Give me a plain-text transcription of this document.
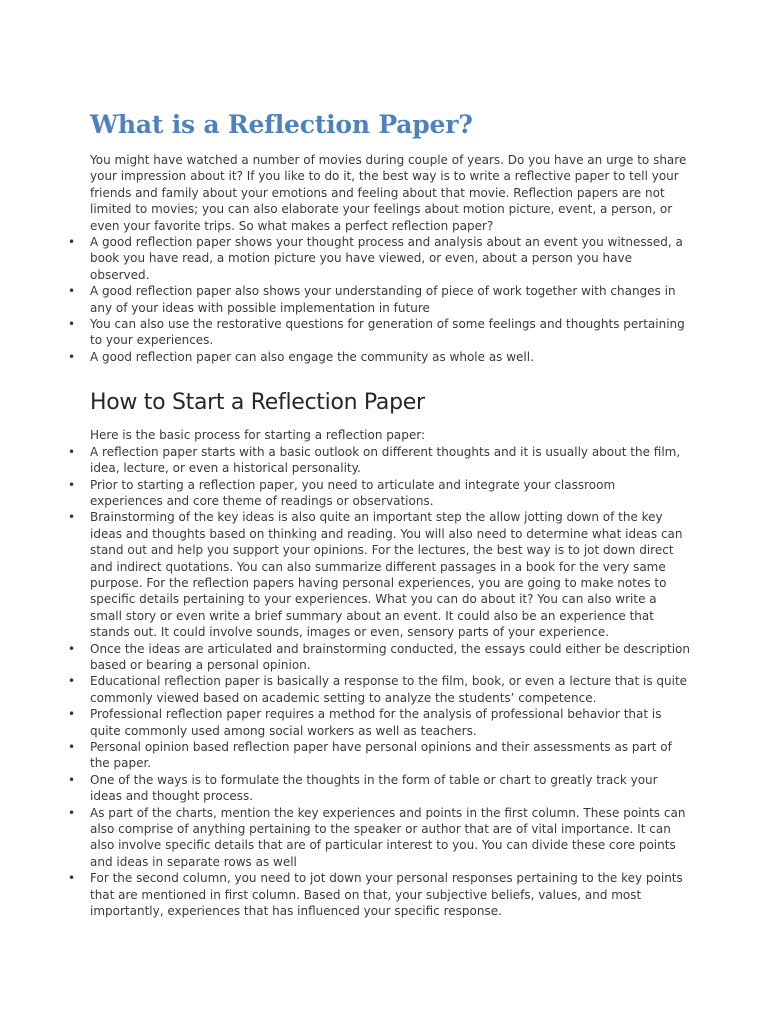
What is a Reflection Paper?

You might have watched a number of movies during couple of years. Do you have an urge to share your impression about it? If you like to do it, the best way is to write a reflective paper to tell your friends and family about your emotions and feeling about that movie. Reflection papers are not limited to movies; you can also elaborate your feelings about motion picture, event, a person, or even your favorite trips. So what makes a perfect reflection paper?

• A good reflection paper shows your thought process and analysis about an event you witnessed, a book you have read, a motion picture you have viewed, or even, about a person you have observed.
• A good reflection paper also shows your understanding of piece of work together with changes in any of your ideas with possible implementation in future
• You can also use the restorative questions for generation of some feelings and thoughts pertaining to your experiences.
• A good reflection paper can also engage the community as whole as well.
How to Start a Reflection Paper

Here is the basic process for starting a reflection paper:

• A reflection paper starts with a basic outlook on different thoughts and it is usually about the film, idea, lecture, or even a historical personality.
• Prior to starting a reflection paper, you need to articulate and integrate your classroom experiences and core theme of readings or observations.
• Brainstorming of the key ideas is also quite an important step the allow jotting down of the key ideas and thoughts based on thinking and reading. You will also need to determine what ideas can stand out and help you support your opinions. For the lectures, the best way is to jot down direct and indirect quotations. You can also summarize different passages in a book for the very same purpose. For the reflection papers having personal experiences, you are going to make notes to specific details pertaining to your experiences. What you can do about it? You can also write a small story or even write a brief summary about an event. It could also be an experience that stands out. It could involve sounds, images or even, sensory parts of your experience.
• Once the ideas are articulated and brainstorming conducted, the essays could either be description based or bearing a personal opinion.
• Educational reflection paper is basically a response to the film, book, or even a lecture that is quite commonly viewed based on academic setting to analyze the students’ competence.
• Professional reflection paper requires a method for the analysis of professional behavior that is quite commonly used among social workers as well as teachers.
• Personal opinion based reflection paper have personal opinions and their assessments as part of the paper.
• One of the ways is to formulate the thoughts in the form of table or chart to greatly track your ideas and thought process.
• As part of the charts, mention the key experiences and points in the first column. These points can also comprise of anything pertaining to the speaker or author that are of vital importance. It can also involve specific details that are of particular interest to you. You can divide these core points and ideas in separate rows as well
• For the second column, you need to jot down your personal responses pertaining to the key points that are mentioned in first column. Based on that, your subjective beliefs, values, and most importantly, experiences that has influenced your specific response.
